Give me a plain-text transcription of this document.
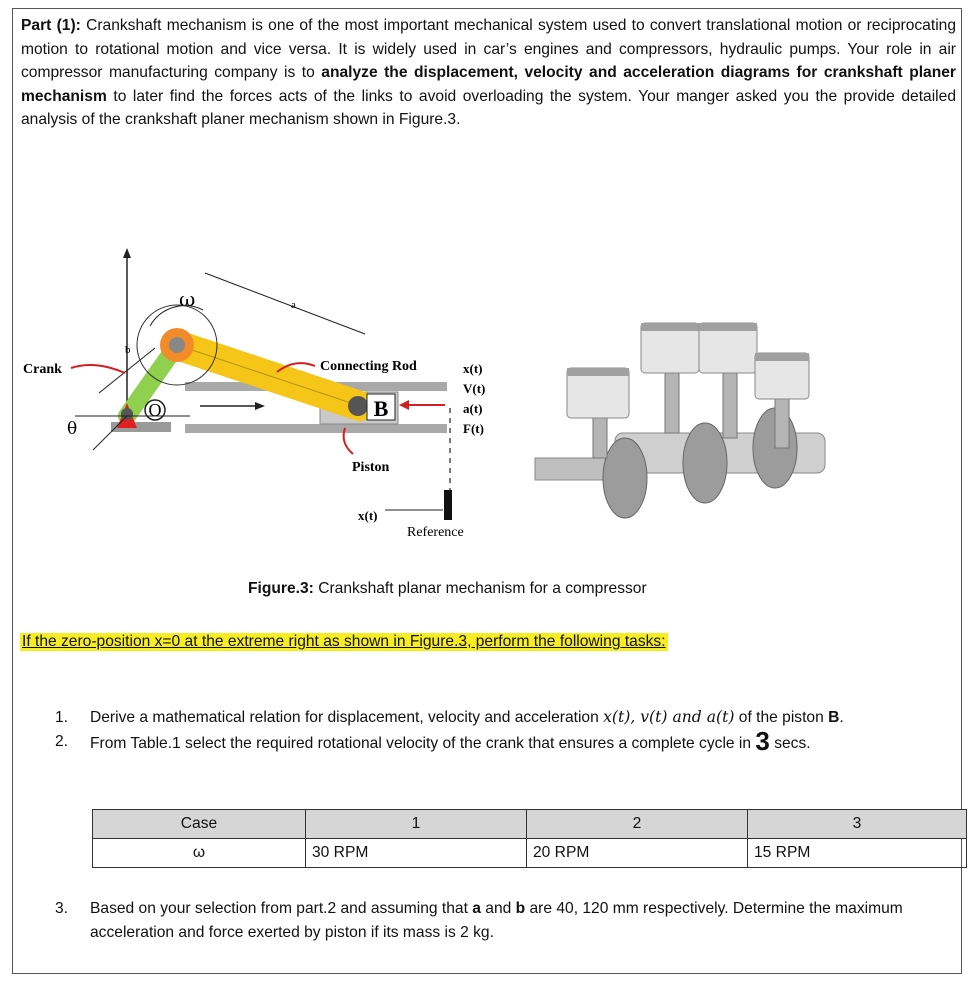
Part (1): Crankshaft mechanism is one of the most important mechanical system used to convert translational motion or reciprocating motion to rotational motion and vice versa. It is widely used in car’s engines and compressors, hydraulic pumps. Your role in air compressor manufacturing company is to analyze the displacement, velocity and acceleration diagrams for crankshaft planer mechanism to later find the forces acts of the links to avoid overloading the system. Your manger asked you the provide detailed analysis of the crankshaft planer mechanism shown in Figure.3.
O	B
a
b
ω
θ
Crank	Connecting Rod
Piston
x(t)
V(t)
a(t)
F(t)
x(t)
Reference
Figure.3: Crankshaft planar mechanism for a compressor
If the zero-position x=0 at the extreme right as shown in Figure.3, perform the following tasks:
1.	Derive a mathematical relation for displacement, velocity and acceleration x(t), v(t) and a(t) of the piston B.
2.	From Table.1 select the required rotational velocity of the crank that ensures a complete cycle in 3 secs.
Case	1	2	3
ω	30 RPM	20 RPM	15 RPM
3.	Based on your selection from part.2 and assuming that a and b are 40, 120 mm respectively. Determine the maximum acceleration and force exerted by piston if its mass is 2 kg.
